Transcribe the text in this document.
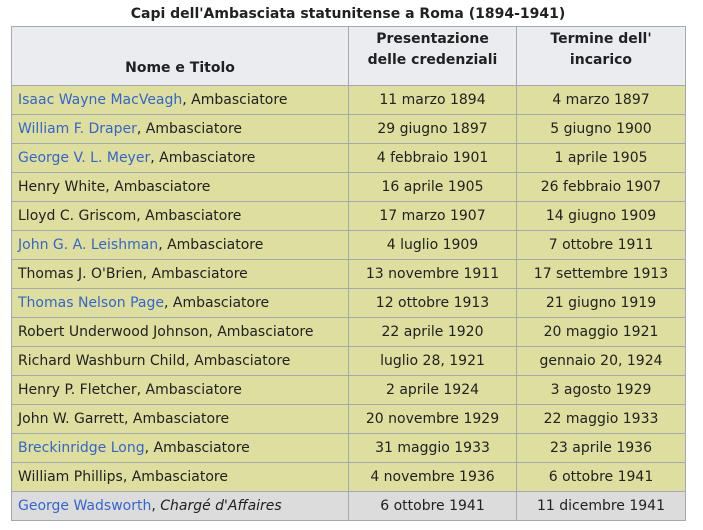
Capi dell'Ambasciata statunitense a Roma (1894-1941)
Nome e Titolo	Presentazione delle credenziali	Termine dell' incarico
Isaac Wayne MacVeagh, Ambasciatore	11 marzo 1894	4 marzo 1897
William F. Draper, Ambasciatore	29 giugno 1897	5 giugno 1900
George V. L. Meyer, Ambasciatore	4 febbraio 1901	1 aprile 1905
Henry White, Ambasciatore	16 aprile 1905	26 febbraio 1907
Lloyd C. Griscom, Ambasciatore	17 marzo 1907	14 giugno 1909
John G. A. Leishman, Ambasciatore	4 luglio 1909	7 ottobre 1911
Thomas J. O'Brien, Ambasciatore	13 novembre 1911	17 settembre 1913
Thomas Nelson Page, Ambasciatore	12 ottobre 1913	21 giugno 1919
Robert Underwood Johnson, Ambasciatore	22 aprile 1920	20 maggio 1921
Richard Washburn Child, Ambasciatore	luglio 28, 1921	gennaio 20, 1924
Henry P. Fletcher, Ambasciatore	2 aprile 1924	3 agosto 1929
John W. Garrett, Ambasciatore	20 novembre 1929	22 maggio 1933
Breckinridge Long, Ambasciatore	31 maggio 1933	23 aprile 1936
William Phillips, Ambasciatore	4 novembre 1936	6 ottobre 1941
George Wadsworth, Chargé d'Affaires	6 ottobre 1941	11 dicembre 1941
